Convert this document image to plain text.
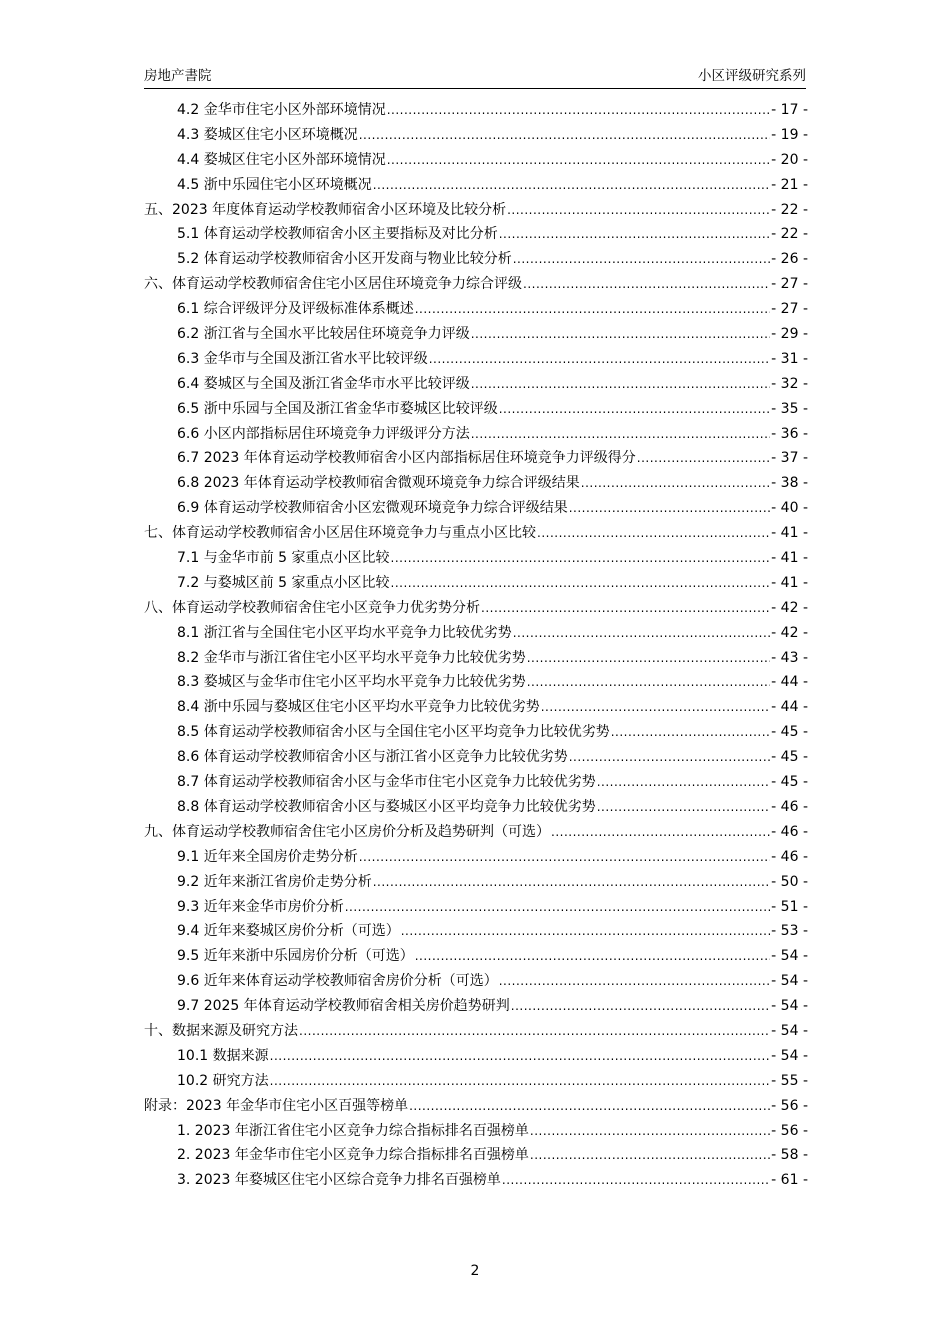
房地产書院	小区评级研究系列
4.2 金华市住宅小区外部环境情况 .....	- 17 -
4.3 婺城区住宅小区环境概况 .....	- 19 -
4.4 婺城区住宅小区外部环境情况 .....	- 20 -
4.5 浙中乐园住宅小区环境概况 .....	- 21 -
五、2023 年度体育运动学校教师宿舍小区环境及比较分析 .....	- 22 -
5.1 体育运动学校教师宿舍小区主要指标及对比分析 .....	- 22 -
5.2 体育运动学校教师宿舍小区开发商与物业比较分析 .....	- 26 -
六、体育运动学校教师宿舍住宅小区居住环境竞争力综合评级 .....	- 27 -
6.1 综合评级评分及评级标准体系概述 .....	- 27 -
6.2 浙江省与全国水平比较居住环境竞争力评级 .....	- 29 -
6.3 金华市与全国及浙江省水平比较评级 .....	- 31 -
6.4 婺城区与全国及浙江省金华市水平比较评级 .....	- 32 -
6.5 浙中乐园与全国及浙江省金华市婺城区比较评级 .....	- 35 -
6.6 小区内部指标居住环境竞争力评级评分方法 .....	- 36 -
6.7 2023 年体育运动学校教师宿舍小区内部指标居住环境竞争力评级得分 .....	- 37 -
6.8 2023 年体育运动学校教师宿舍微观环境竞争力综合评级结果 .....	- 38 -
6.9 体育运动学校教师宿舍小区宏微观环境竞争力综合评级结果 .....	- 40 -
七、体育运动学校教师宿舍小区居住环境竞争力与重点小区比较 .....	- 41 -
7.1 与金华市前 5 家重点小区比较 .....	- 41 -
7.2 与婺城区前 5 家重点小区比较 .....	- 41 -
八、体育运动学校教师宿舍住宅小区竞争力优劣势分析 .....	- 42 -
8.1 浙江省与全国住宅小区平均水平竞争力比较优劣势 .....	- 42 -
8.2 金华市与浙江省住宅小区平均水平竞争力比较优劣势 .....	- 43 -
8.3 婺城区与金华市住宅小区平均水平竞争力比较优劣势 .....	- 44 -
8.4 浙中乐园与婺城区住宅小区平均水平竞争力比较优劣势 .....	- 44 -
8.5 体育运动学校教师宿舍小区与全国住宅小区平均竞争力比较优劣势 .....	- 45 -
8.6 体育运动学校教师宿舍小区与浙江省小区竞争力比较优劣势 .....	- 45 -
8.7 体育运动学校教师宿舍小区与金华市住宅小区竞争力比较优劣势 .....	- 45 -
8.8 体育运动学校教师宿舍小区与婺城区小区平均竞争力比较优劣势 .....	- 46 -
九、体育运动学校教师宿舍住宅小区房价分析及趋势研判（可选） .....	- 46 -
9.1 近年来全国房价走势分析 .....	- 46 -
9.2 近年来浙江省房价走势分析 .....	- 50 -
9.3 近年来金华市房价分析 .....	- 51 -
9.4 近年来婺城区房价分析（可选） .....	- 53 -
9.5 近年来浙中乐园房价分析（可选） .....	- 54 -
9.6 近年来体育运动学校教师宿舍房价分析（可选） .....	- 54 -
9.7 2025 年体育运动学校教师宿舍相关房价趋势研判 .....	- 54 -
十、数据来源及研究方法 .....	- 54 -
10.1 数据来源 .....	- 54 -
10.2 研究方法 .....	- 55 -
附录：2023 年金华市住宅小区百强等榜单 .....	- 56 -
1. 2023 年浙江省住宅小区竞争力综合指标排名百强榜单 .....	- 56 -
2. 2023 年金华市住宅小区竞争力综合指标排名百强榜单 .....	- 58 -
3. 2023 年婺城区住宅小区综合竞争力排名百强榜单 .....	- 61 -
2
